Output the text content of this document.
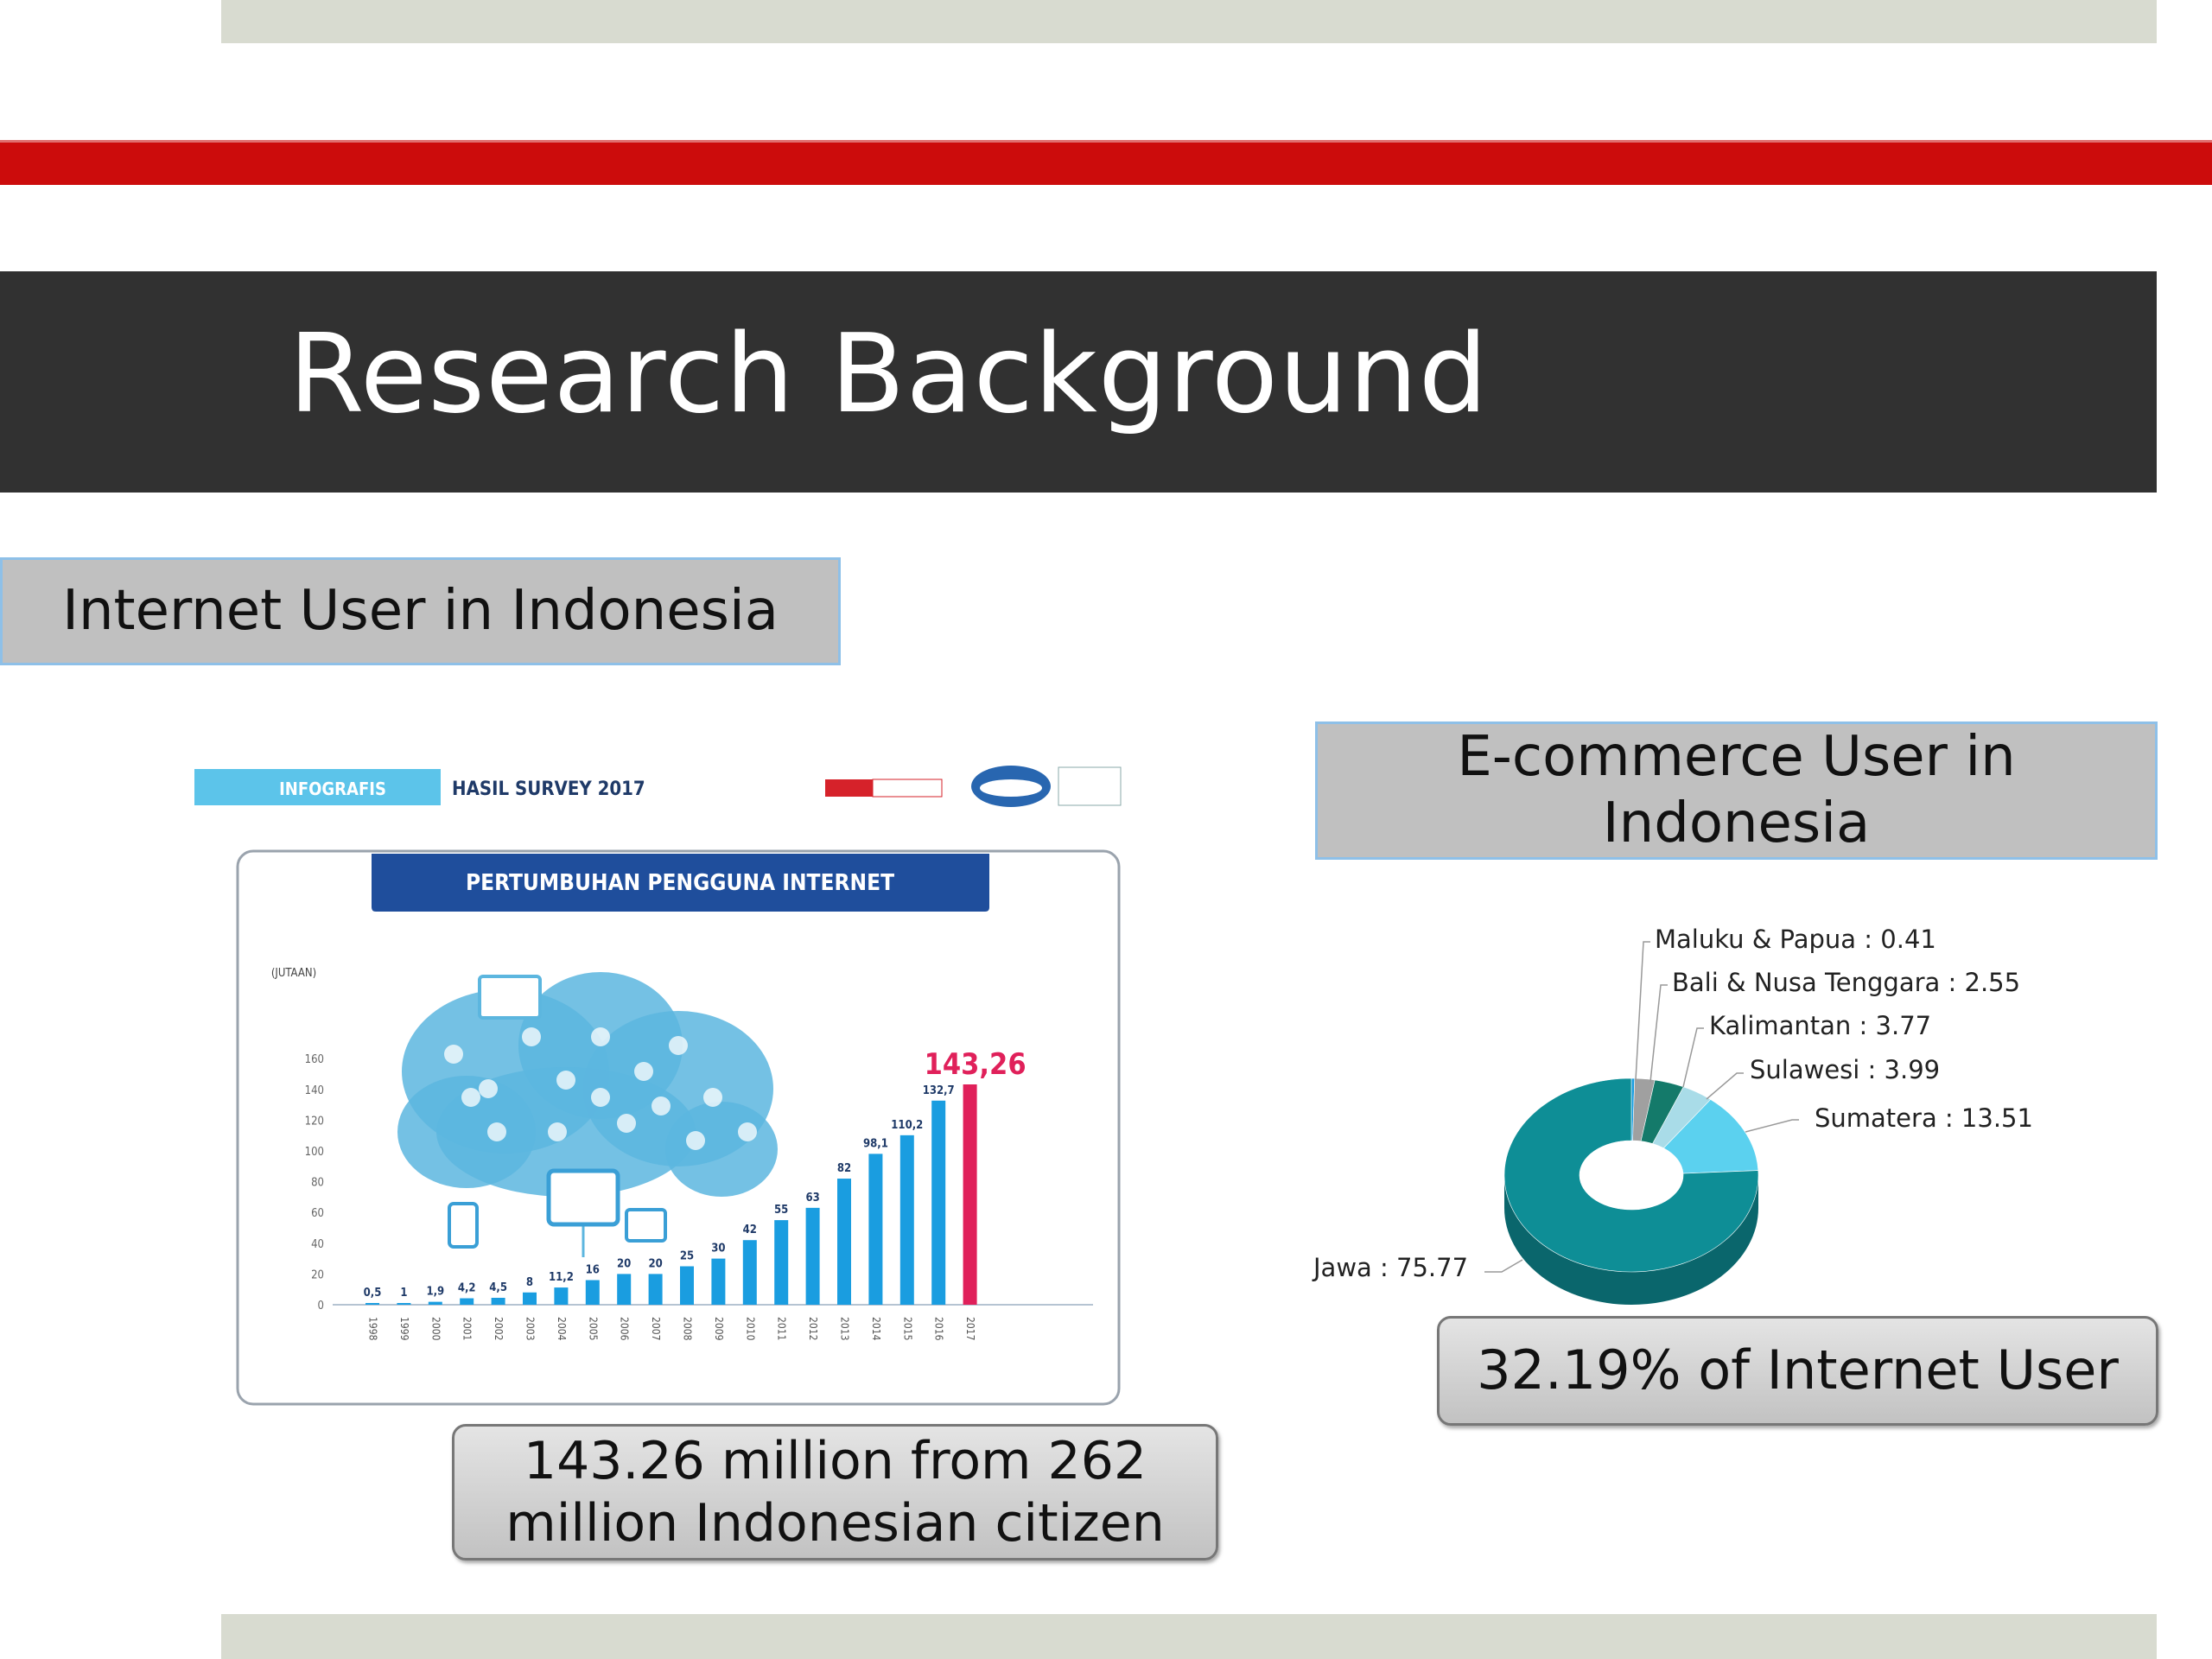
Research Background
Internet User in Indonesia
INFOGRAFIS	HASIL SURVEY 2017
PERTUMBUHAN PENGGUNA INTERNET
(JUTAAN)
0
20
40
60
80
100
120
140
160
0,5
1998
1
1999
1,9
2000
4,2
2001
4,5
2002
8
2003
11,2
2004
16
2005
20
2006
20
2007
25
2008
30
2009
42
2010
55
2011
63
2012
82
2013
98,1
2014
110,2
2015
132,7
2016
143,26
2017
143.26 million from 262 million Indonesian citizen
E-commerce User in Indonesia
Jawa : 75.77
Sumatera : 13.51
Sulawesi : 3.99
Kalimantan : 3.77
Bali & Nusa Tenggara : 2.55
Maluku & Papua : 0.41
32.19% of Internet User
